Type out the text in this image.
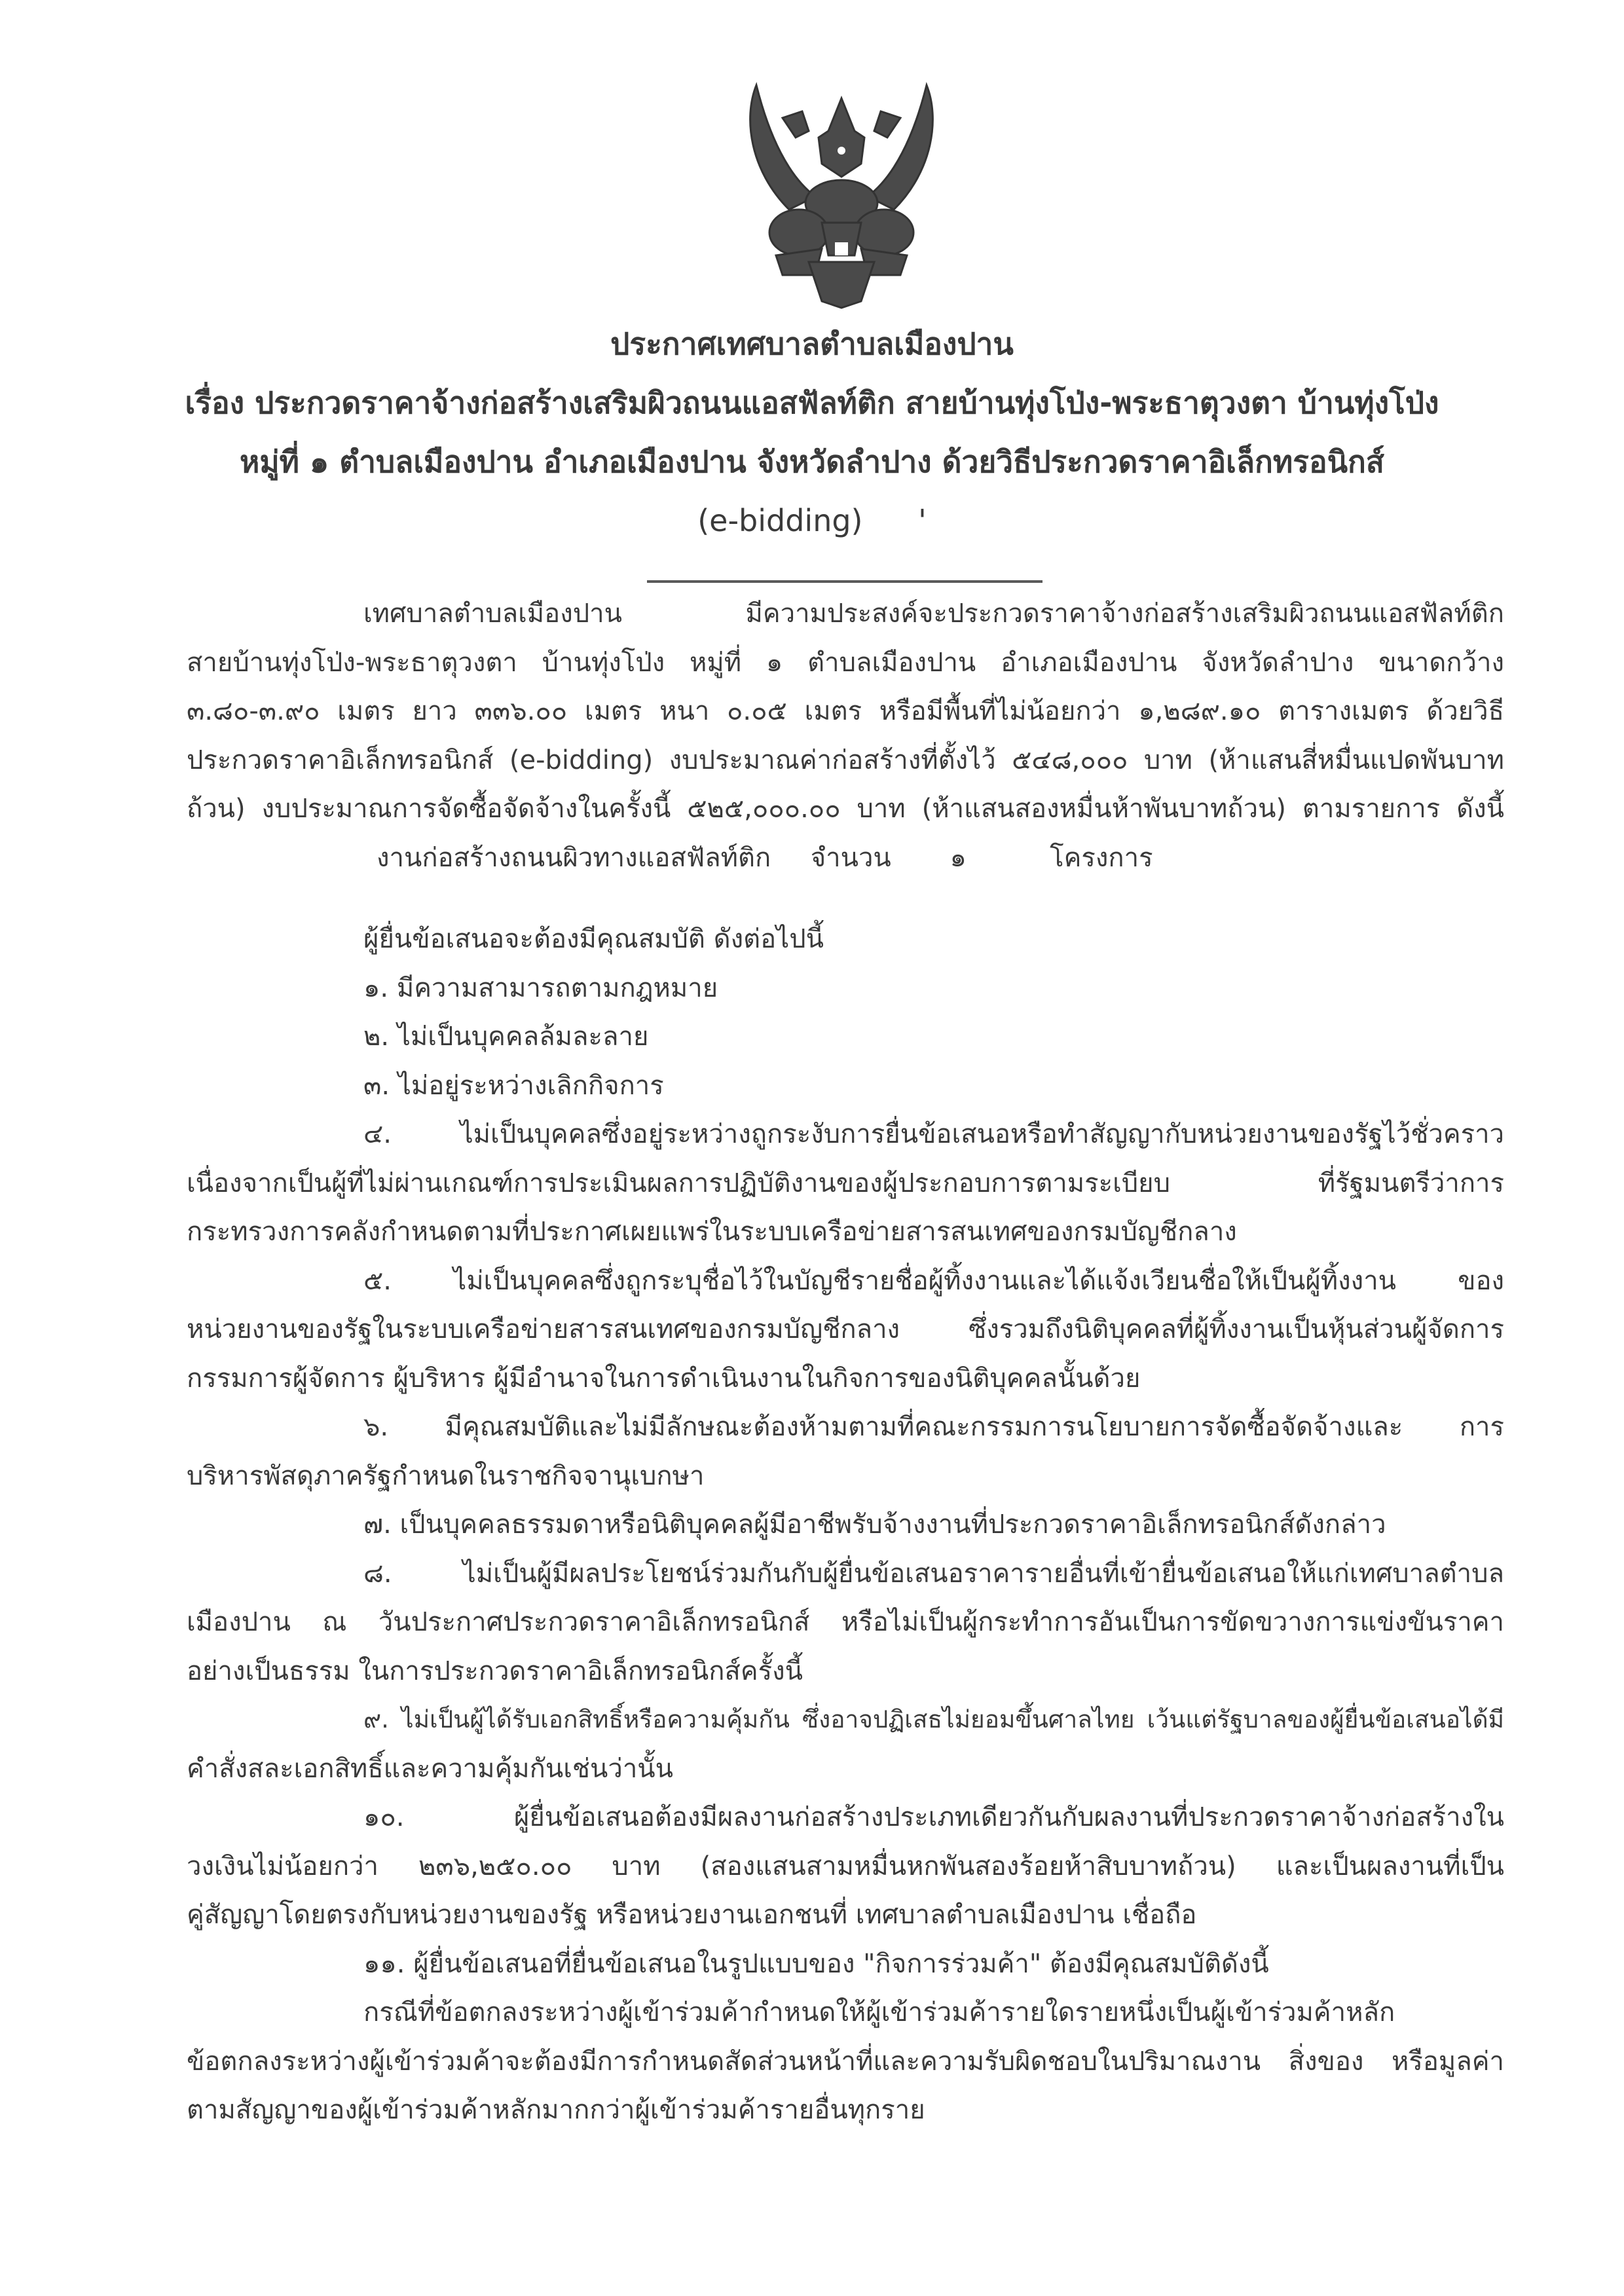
ประกาศเทศบาลตำบลเมืองปาน
เรื่อง ประกวดราคาจ้างก่อสร้างเสริมผิวถนนแอสฟัลท์ติก สายบ้านทุ่งโป่ง-พระธาตุวงตา บ้านทุ่งโป่ง
หมู่ที่ ๑ ตำบลเมืองปาน อำเภอเมืองปาน จังหวัดลำปาง ด้วยวิธีประกวดราคาอิเล็กทรอนิกส์
(e-bidding) '
เทศบาลตำบลเมืองปาน มีความประสงค์จะประกวดราคาจ้างก่อสร้างเสริมผิวถนนแอสฟัลท์ติก
สายบ้านทุ่งโป่ง-พระธาตุวงตา บ้านทุ่งโป่ง หมู่ที่ ๑ ตำบลเมืองปาน อำเภอเมืองปาน จังหวัดลำปาง ขนาดกว้าง
๓.๘๐-๓.๙๐ เมตร ยาว ๓๓๖.๐๐ เมตร หนา ๐.๐๕ เมตร หรือมีพื้นที่ไม่น้อยกว่า ๑,๒๘๙.๑๐ ตารางเมตร ด้วยวิธี
ประกวดราคาอิเล็กทรอนิกส์ (e-bidding) งบประมาณค่าก่อสร้างที่ตั้งไว้ ๕๔๘,๐๐๐ บาท (ห้าแสนสี่หมื่นแปดพันบาท
ถ้วน) งบประมาณการจัดซื้อจัดจ้างในครั้งนี้ ๕๒๕,๐๐๐.๐๐ บาท (ห้าแสนสองหมื่นห้าพันบาทถ้วน) ตามรายการ ดังนี้
งานก่อสร้างถนนผิวทางแอสฟัลท์ติก จำนวน ๑	โครงการ
ผู้ยื่นข้อเสนอจะต้องมีคุณสมบัติ ดังต่อไปนี้
๑. มีความสามารถตามกฎหมาย
๒. ไม่เป็นบุคคลล้มละลาย
๓. ไม่อยู่ระหว่างเลิกกิจการ
๔. ไม่เป็นบุคคลซึ่งอยู่ระหว่างถูกระงับการยื่นข้อเสนอหรือทำสัญญากับหน่วยงานของรัฐไว้ชั่วคราว
เนื่องจากเป็นผู้ที่ไม่ผ่านเกณฑ์การประเมินผลการปฏิบัติงานของผู้ประกอบการตามระเบียบ ที่รัฐมนตรีว่าการ
กระทรวงการคลังกำหนดตามที่ประกาศเผยแพร่ในระบบเครือข่ายสารสนเทศของกรมบัญชีกลาง
๕. ไม่เป็นบุคคลซึ่งถูกระบุชื่อไว้ในบัญชีรายชื่อผู้ทิ้งงานและได้แจ้งเวียนชื่อให้เป็นผู้ทิ้งงาน ของ
หน่วยงานของรัฐในระบบเครือข่ายสารสนเทศของกรมบัญชีกลาง ซึ่งรวมถึงนิติบุคคลที่ผู้ทิ้งงานเป็นหุ้นส่วนผู้จัดการ
กรรมการผู้จัดการ ผู้บริหาร ผู้มีอำนาจในการดำเนินงานในกิจการของนิติบุคคลนั้นด้วย
๖. มีคุณสมบัติและไม่มีลักษณะต้องห้ามตามที่คณะกรรมการนโยบายการจัดซื้อจัดจ้างและ การ
บริหารพัสดุภาครัฐกำหนดในราชกิจจานุเบกษา
๗. เป็นบุคคลธรรมดาหรือนิติบุคคลผู้มีอาชีพรับจ้างงานที่ประกวดราคาอิเล็กทรอนิกส์ดังกล่าว
๘. ไม่เป็นผู้มีผลประโยชน์ร่วมกันกับผู้ยื่นข้อเสนอราคารายอื่นที่เข้ายื่นข้อเสนอให้แก่เทศบาลตำบล
เมืองปาน ณ วันประกาศประกวดราคาอิเล็กทรอนิกส์ หรือไม่เป็นผู้กระทำการอันเป็นการขัดขวางการแข่งขันราคา
อย่างเป็นธรรม ในการประกวดราคาอิเล็กทรอนิกส์ครั้งนี้
๙. ไม่เป็นผู้ได้รับเอกสิทธิ์หรือความคุ้มกัน ซึ่งอาจปฏิเสธไม่ยอมขึ้นศาลไทย เว้นแต่รัฐบาลของผู้ยื่นข้อเสนอได้มี
คำสั่งสละเอกสิทธิ์และความคุ้มกันเช่นว่านั้น
๑๐. ผู้ยื่นข้อเสนอต้องมีผลงานก่อสร้างประเภทเดียวกันกับผลงานที่ประกวดราคาจ้างก่อสร้างใน
วงเงินไม่น้อยกว่า ๒๓๖,๒๕๐.๐๐ บาท (สองแสนสามหมื่นหกพันสองร้อยห้าสิบบาทถ้วน) และเป็นผลงานที่เป็น
คู่สัญญาโดยตรงกับหน่วยงานของรัฐ หรือหน่วยงานเอกชนที่ เทศบาลตำบลเมืองปาน เชื่อถือ
๑๑. ผู้ยื่นข้อเสนอที่ยื่นข้อเสนอในรูปแบบของ "กิจการร่วมค้า" ต้องมีคุณสมบัติดังนี้
กรณีที่ข้อตกลงระหว่างผู้เข้าร่วมค้ากำหนดให้ผู้เข้าร่วมค้ารายใดรายหนึ่งเป็นผู้เข้าร่วมค้าหลัก
ข้อตกลงระหว่างผู้เข้าร่วมค้าจะต้องมีการกำหนดสัดส่วนหน้าที่และความรับผิดชอบในปริมาณงาน สิ่งของ หรือมูลค่า
ตามสัญญาของผู้เข้าร่วมค้าหลักมากกว่าผู้เข้าร่วมค้ารายอื่นทุกราย
